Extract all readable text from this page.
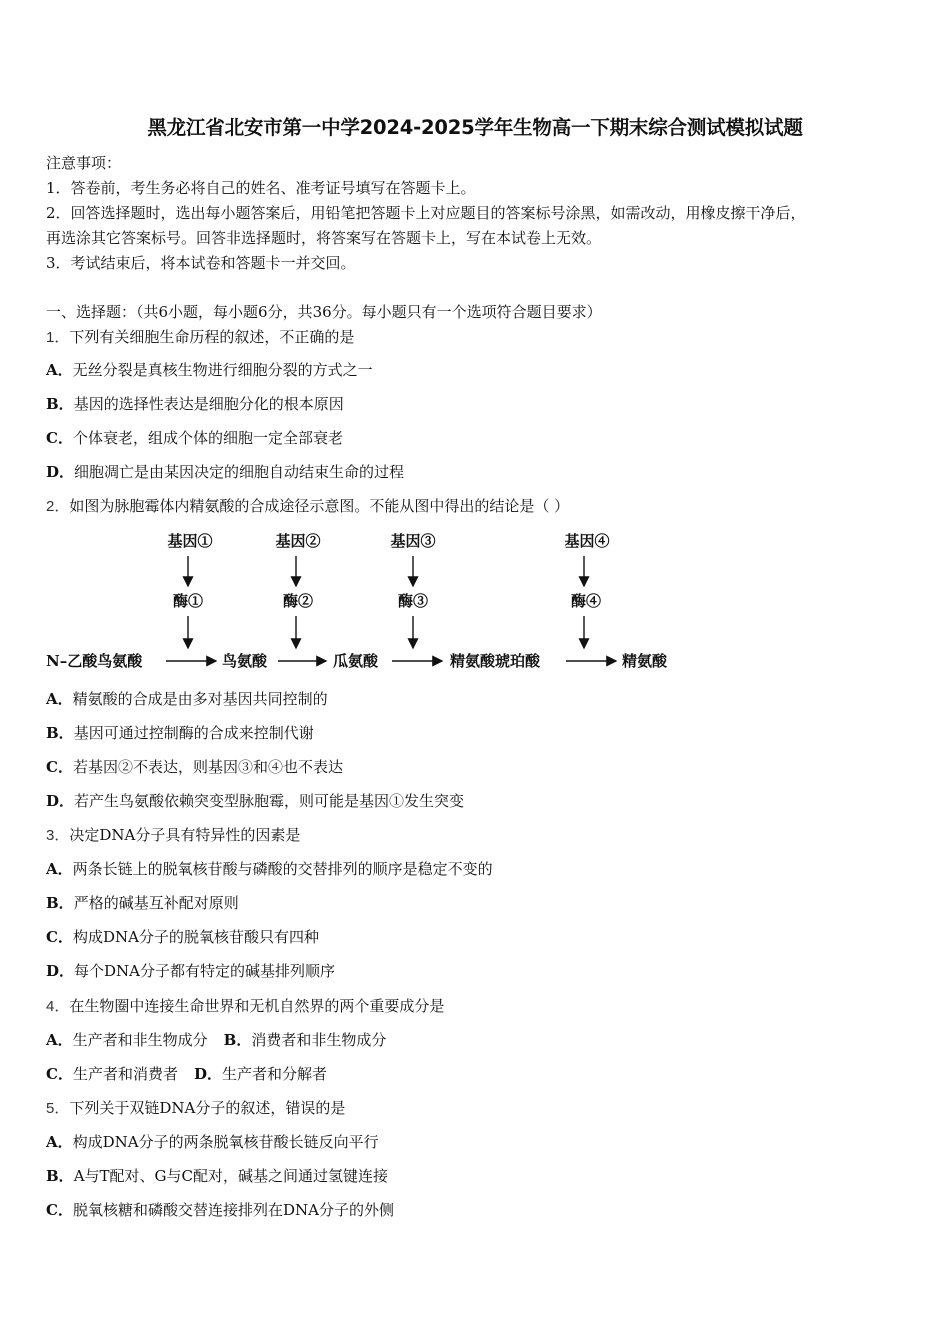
黑龙江省北安市第一中学2024-2025学年生物高一下期末综合测试模拟试题
注意事项：
1．答卷前，考生务必将自己的姓名、准考证号填写在答题卡上。
2．回答选择题时，选出每小题答案后，用铅笔把答题卡上对应题目的答案标号涂黑，如需改动，用橡皮擦干净后，
再选涂其它答案标号。回答非选择题时，将答案写在答题卡上，写在本试卷上无效。
3．考试结束后，将本试卷和答题卡一并交回。
一、选择题：（共6小题，每小题6分，共36分。每小题只有一个选项符合题目要求）
1．下列有关细胞生命历程的叙述，不正确的是
A．无丝分裂是真核生物进行细胞分裂的方式之一
B．基因的选择性表达是细胞分化的根本原因
C．个体衰老，组成个体的细胞一定全部衰老
D．细胞凋亡是由某因决定的细胞自动结束生命的过程
2．如图为脉胞霉体内精氨酸的合成途径示意图。不能从图中得出的结论是（ ）
基因①	基因②	基因③	基因④
酶①	酶②	酶③	酶④
N–乙酸鸟氨酸	鸟氨酸	瓜氨酸	精氨酸琥珀酸	精氨酸
A．精氨酸的合成是由多对基因共同控制的
B．基因可通过控制酶的合成来控制代谢
C．若基因②不表达，则基因③和④也不表达
D．若产生鸟氨酸依赖突变型脉胞霉，则可能是基因①发生突变
3．决定DNA分子具有特异性的因素是
A．两条长链上的脱氧核苷酸与磷酸的交替排列的顺序是稳定不变的
B．严格的碱基互补配对原则
C．构成DNA分子的脱氧核苷酸只有四种
D．每个DNA分子都有特定的碱基排列顺序
4．在生物圈中连接生命世界和无机自然界的两个重要成分是
A．生产者和非生物成分 B．消费者和非生物成分
C．生产者和消费者 D．生产者和分解者
5．下列关于双链DNA分子的叙述，错误的是
A．构成DNA分子的两条脱氧核苷酸长链反向平行
B．A与T配对、G与C配对，碱基之间通过氢键连接
C．脱氧核糖和磷酸交替连接排列在DNA分子的外侧
